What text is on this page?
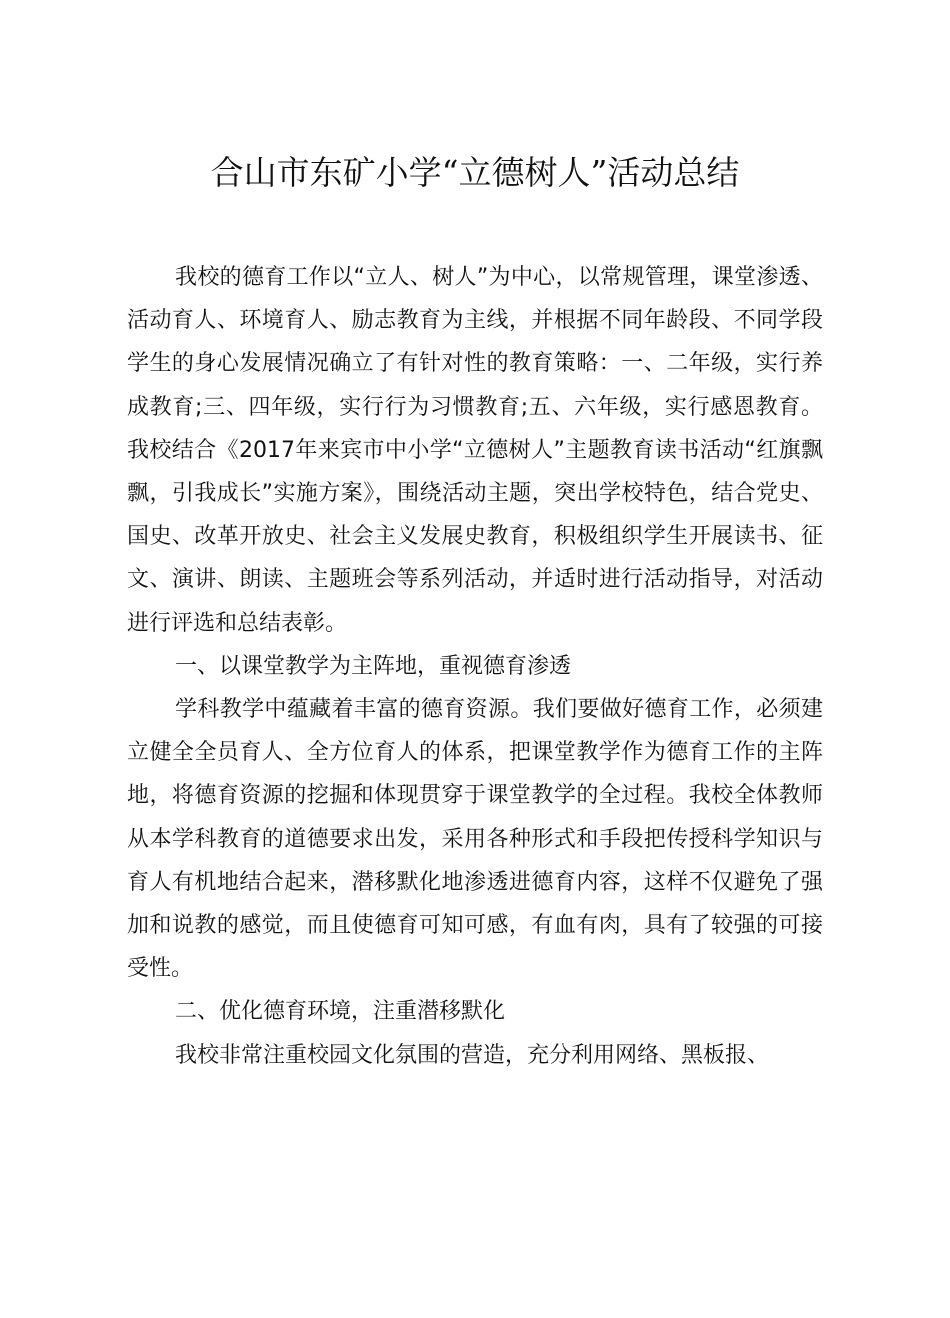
合山市东矿小学“立德树人”活动总结

我校的德育工作以“立人、树人”为中心，以常规管理，课堂渗透、活动育人、环境育人、励志教育为主线，并根据不同年龄段、不同学段学生的身心发展情况确立了有针对性的教育策略：一、二年级，实行养成教育;三、四年级，实行行为习惯教育;五、六年级，实行感恩教育。我校结合《2017年来宾市中小学“立德树人”主题教育读书活动“红旗飘飘，引我成长”实施方案》，围绕活动主题，突出学校特色，结合党史、国史、改革开放史、社会主义发展史教育，积极组织学生开展读书、征文、演讲、朗读、主题班会等系列活动，并适时进行活动指导，对活动进行评选和总结表彰。

一、以课堂教学为主阵地，重视德育渗透

学科教学中蕴藏着丰富的德育资源。我们要做好德育工作，必须建立健全全员育人、全方位育人的体系，把课堂教学作为德育工作的主阵地，将德育资源的挖掘和体现贯穿于课堂教学的全过程。我校全体教师从本学科教育的道德要求出发，采用各种形式和手段把传授科学知识与育人有机地结合起来，潜移默化地渗透进德育内容，这样不仅避免了强加和说教的感觉，而且使德育可知可感，有血有肉，具有了较强的可接受性。

二、优化德育环境，注重潜移默化

我校非常注重校园文化氛围的营造，充分利用网络、黑板报、
